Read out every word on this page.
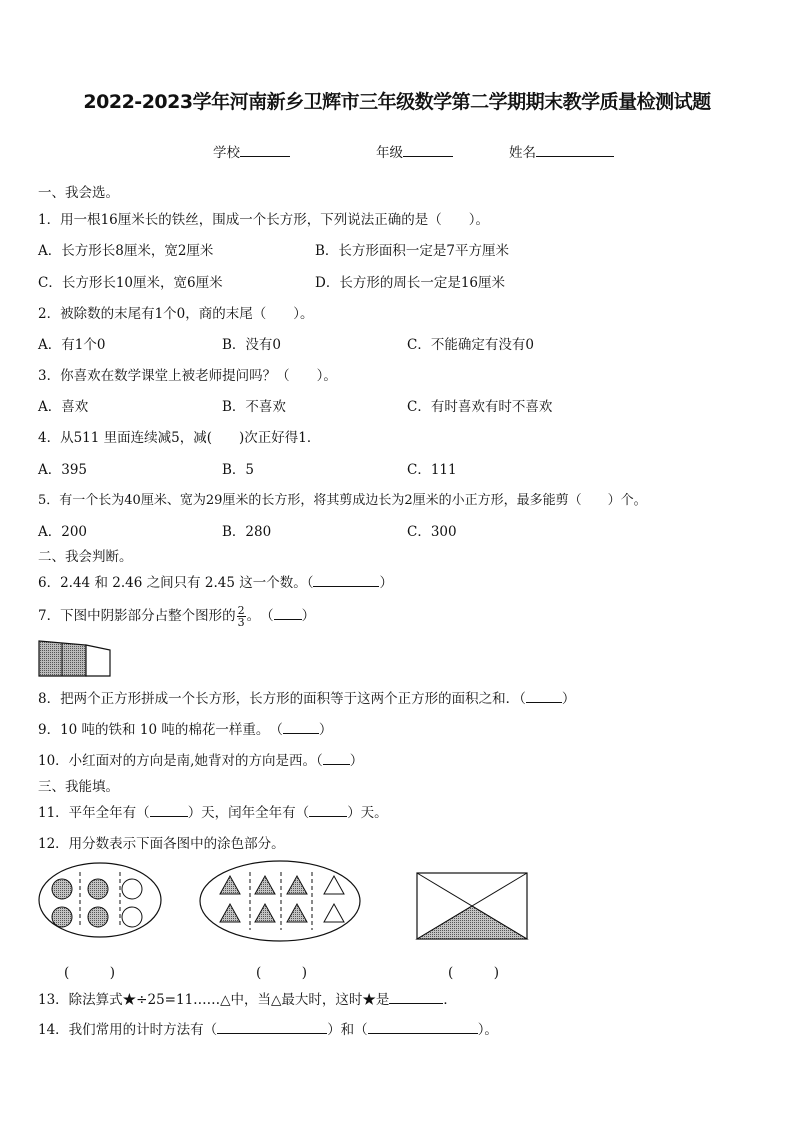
2022-2023学年河南新乡卫辉市三年级数学第二学期期末教学质量检测试题
学校	年级	姓名
一、我会选。
1．用一根16厘米长的铁丝，围成一个长方形，下列说法正确的是（　　）。
A．长方形长8厘米，宽2厘米	B．长方形面积一定是7平方厘米
C．长方形长10厘米，宽6厘米	D．长方形的周长一定是16厘米
2．被除数的末尾有1个0，商的末尾（　　）。
A．有1个0	B．没有0	C．不能确定有没有0
3．你喜欢在数学课堂上被老师提问吗？（　　）。
A．喜欢	B．不喜欢	C．有时喜欢有时不喜欢
4．从511 里面连续减5，减(　　)次正好得1．
A．395	B．5	C．111
5．有一个长为40厘米、宽为29厘米的长方形，将其剪成边长为2厘米的小正方形，最多能剪（　　）个。
A．200	B．280	C．300
二、我会判断。
6．2.44 和 2.46 之间只有 2.45 这一个数。（	）
7．下图中阴影部分占整个图形的 $\frac{2}{3}$ 。　（ ）
8．把两个正方形拼成一个长方形，长方形的面积等于这两个正方形的面积之和．（	）
9．10 吨的铁和 10 吨的棉花一样重。　（	）
10．小红面对的方向是南,她背对的方向是西。（ ）
三、我能填。
11．平年全年有（	）天，闰年全年有（	）天。
12．用分数表示下面各图中的涂色部分。
(　　　)	(　　　)	(　　　)
13．除法算式★÷25=11……△中，当△最大时，这时★是	．
14．我们常用的计时方法有（	）和（	）。
